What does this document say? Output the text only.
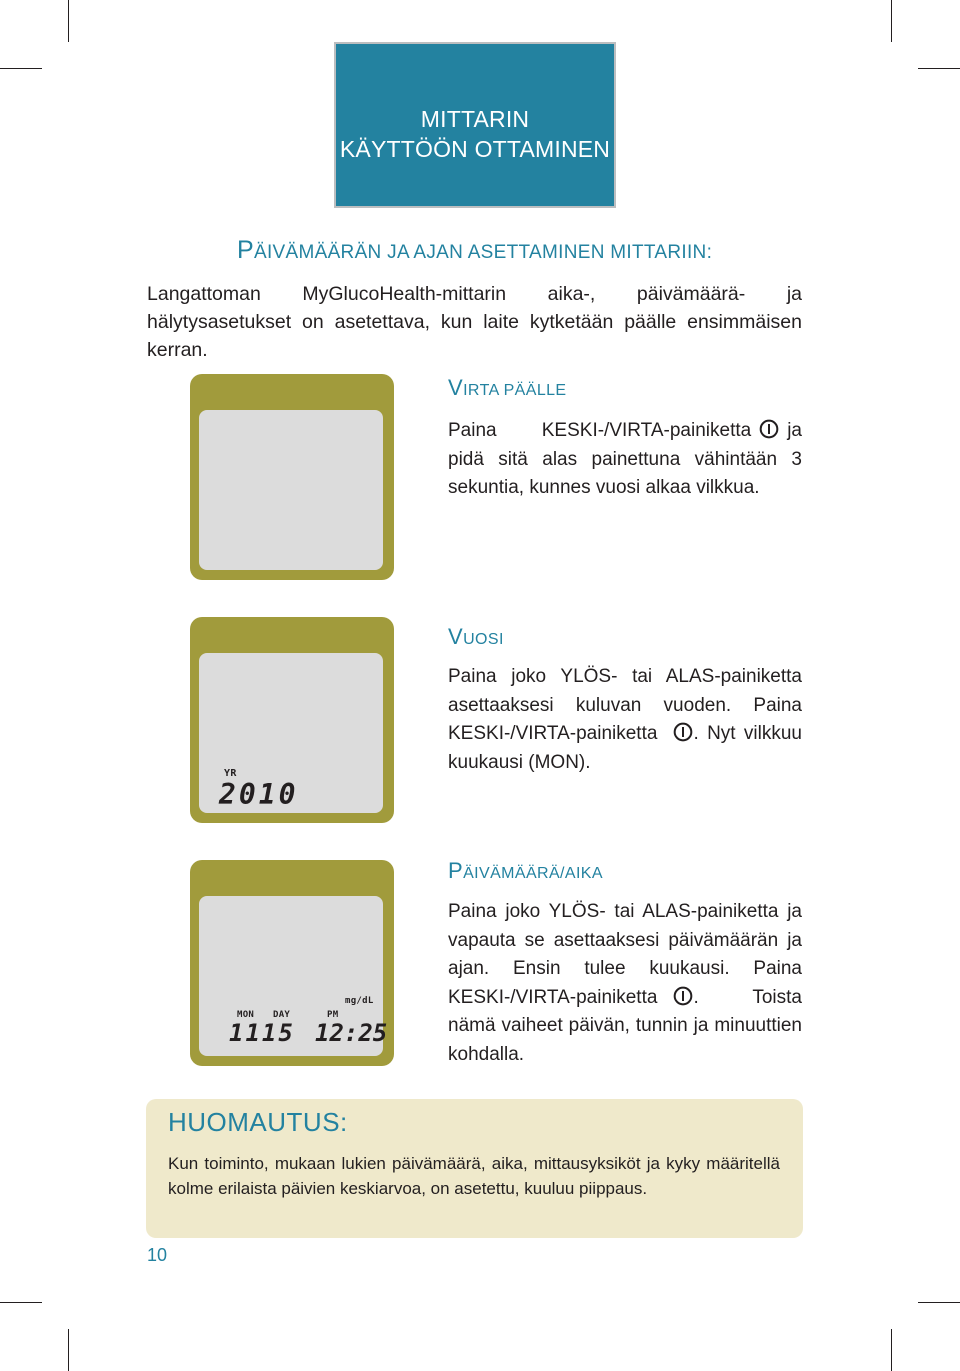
MITTARIN
KÄYTTÖÖN OTTAMINEN
PÄIVÄMÄÄRÄN JA AJAN ASETTAMINEN MITTARIIN:
Langattoman MyGlucoHealth-mittarin aika-, päivämäärä- ja hälytysasetukset on asetettava, kun laite kytketään päälle ensimmäisen kerran.
VIRTA PÄÄLLE
Paina KESKI-/VIRTA-painiketta ja pidä sitä alas painettuna vähintään 3 sekuntia, kunnes vuosi alkaa vilkkua.
YR
2010
VUOSI
Paina joko YLÖS- tai ALAS-painiketta asettaaksesi kuluvan vuoden. Paina KESKI-/VIRTA-painiketta . Nyt vilkkuu kuukausi (MON).
mg/dL
MON DAY	PM
1115 12:25
PÄIVÄMÄÄRÄ/AIKA
Paina joko YLÖS- tai ALAS-painiketta ja vapauta se asettaaksesi päivämäärän ja ajan. Ensin tulee kuukausi. Paina KESKI-/VIRTA-painiketta . Toista nämä vaiheet päivän, tunnin ja minuuttien kohdalla.
HUOMAUTUS:
Kun toiminto, mukaan lukien päivämäärä, aika, mittausyksiköt ja kyky määritellä kolme erilaista päivien keskiarvoa, on asetettu, kuuluu piippaus.
10
